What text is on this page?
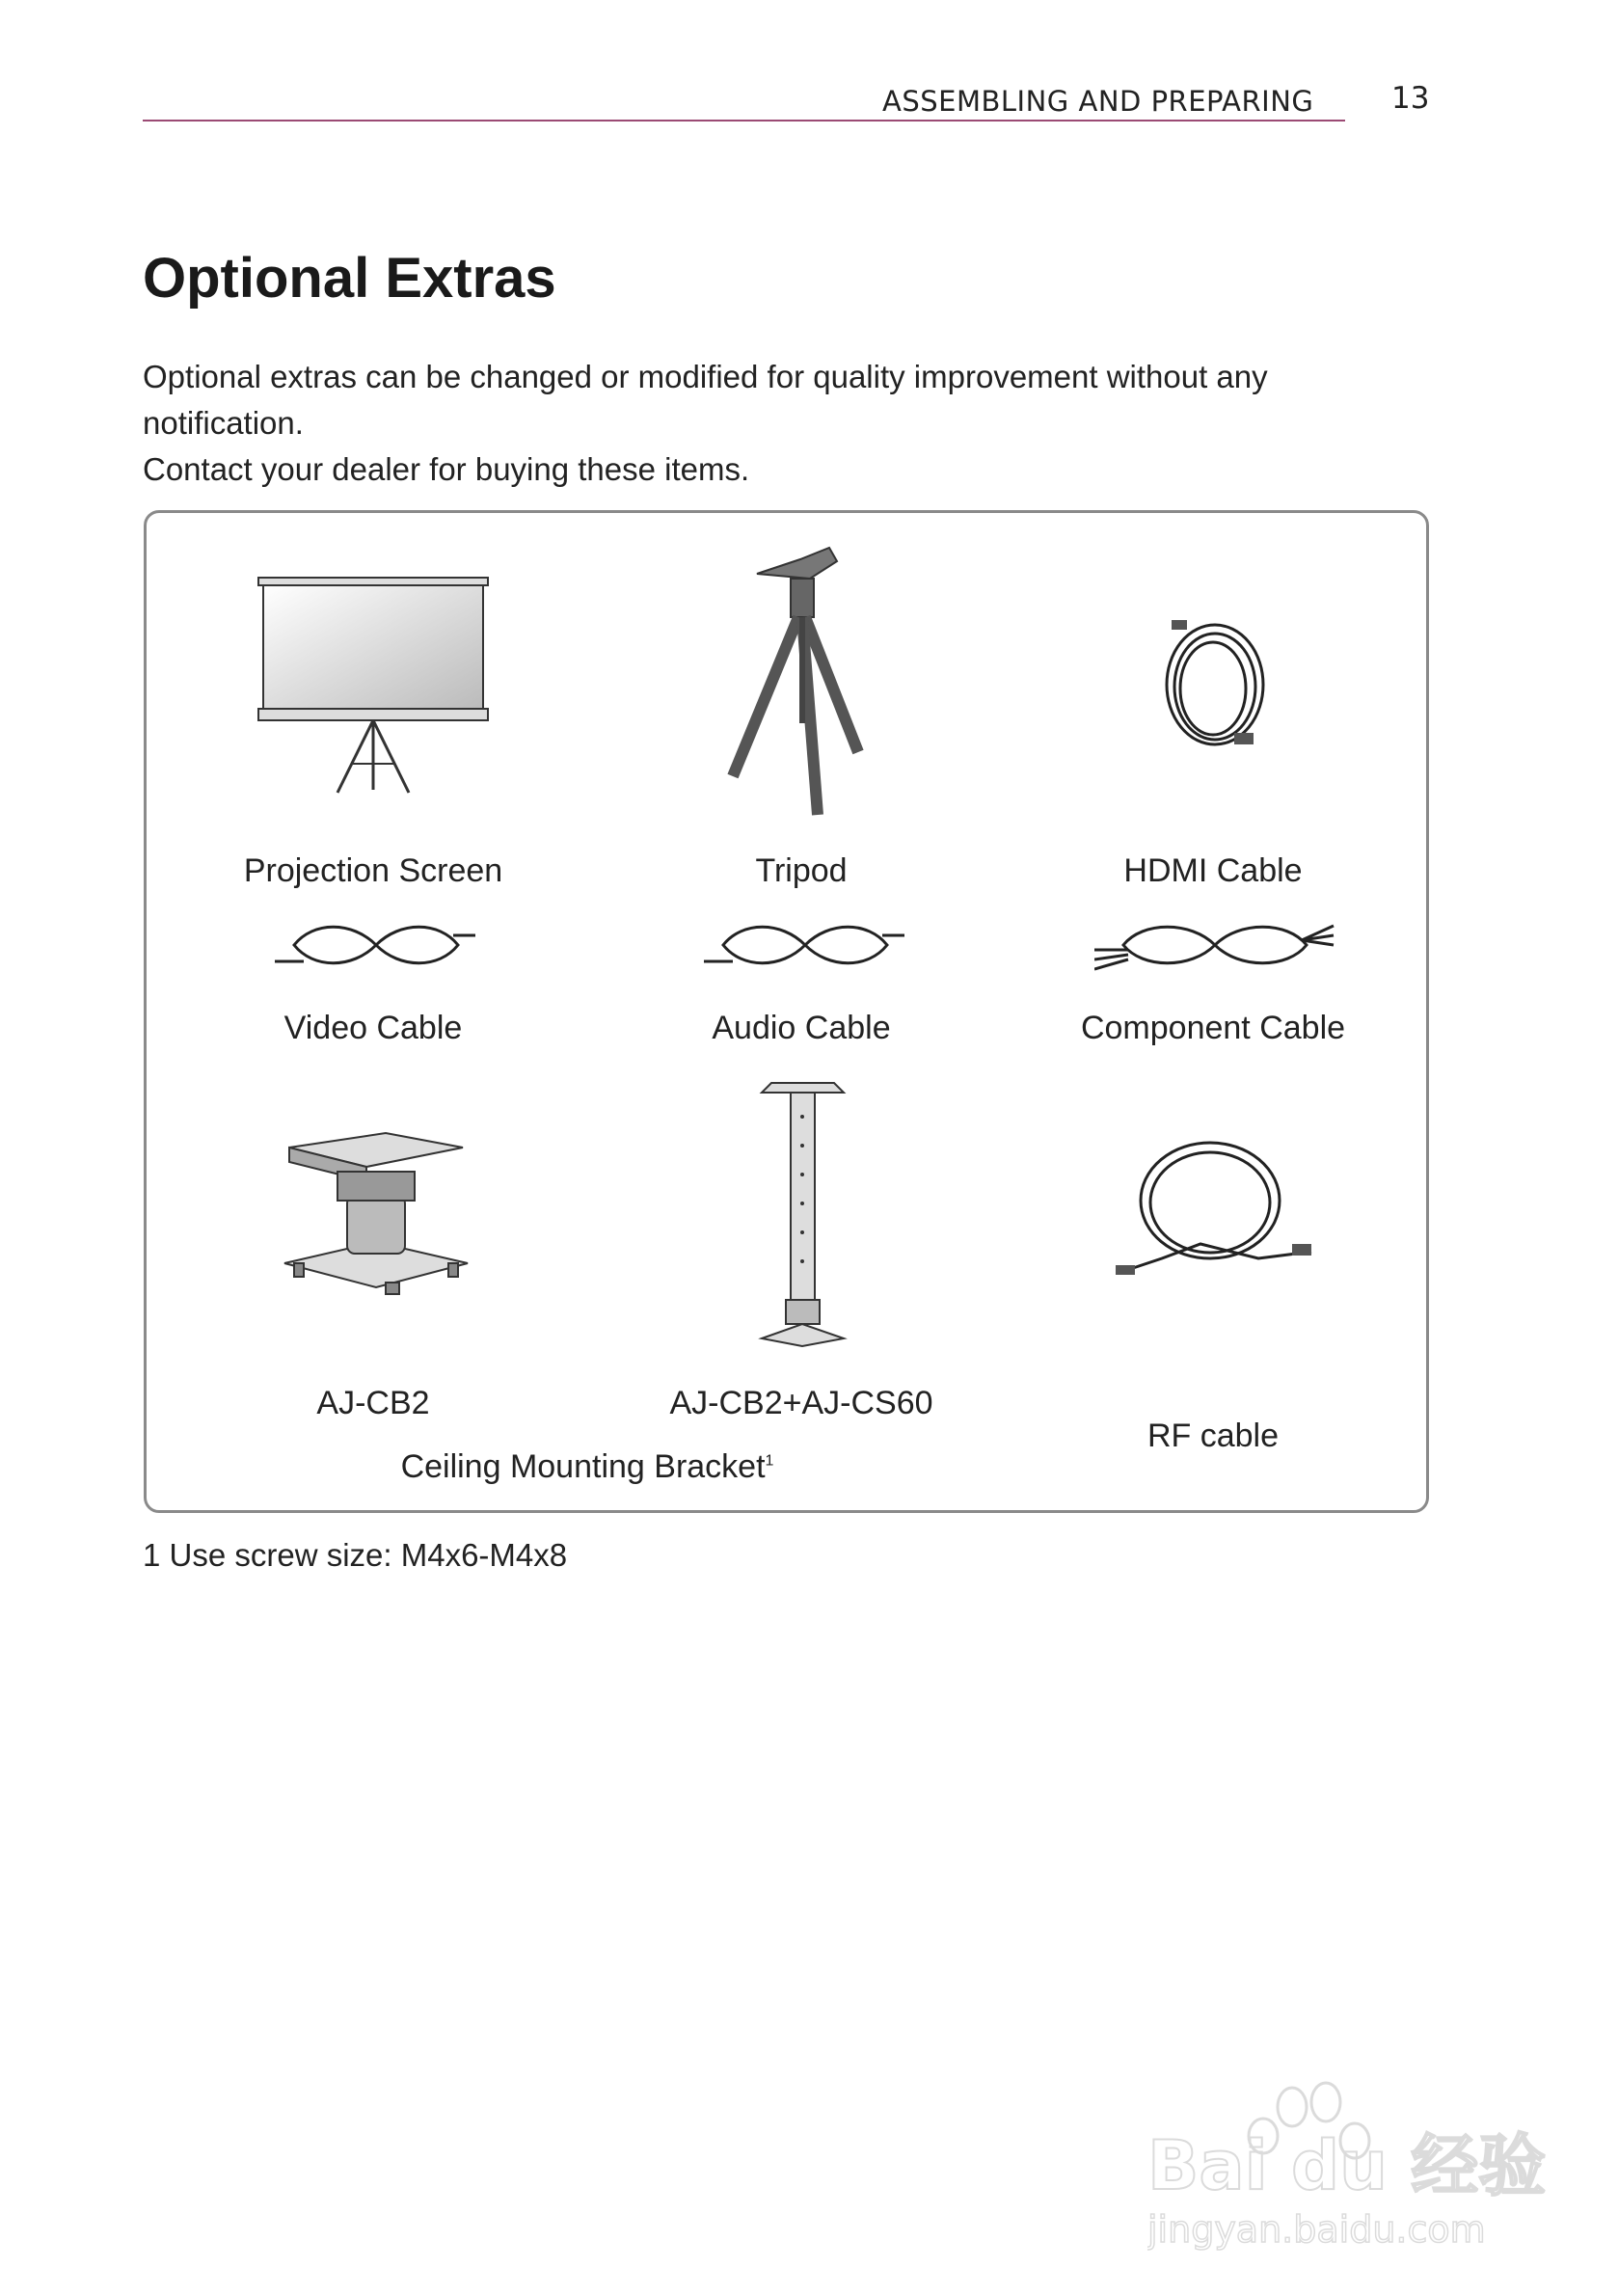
ASSEMBLING AND PREPARING	13
Optional Extras
Optional extras can be changed or modified for quality improvement without any
notification.
Contact your dealer for buying these items.
Projection Screen	Tripod	HDMI Cable
Video Cable	Audio Cable	Component Cable
AJ-CB2	AJ-CB2+AJ-CS60
RF cable
Ceiling Mounting Bracket$^1$
1 Use screw size: M4x6-M4x8
Bai du 经验
jingyan.baidu.com
